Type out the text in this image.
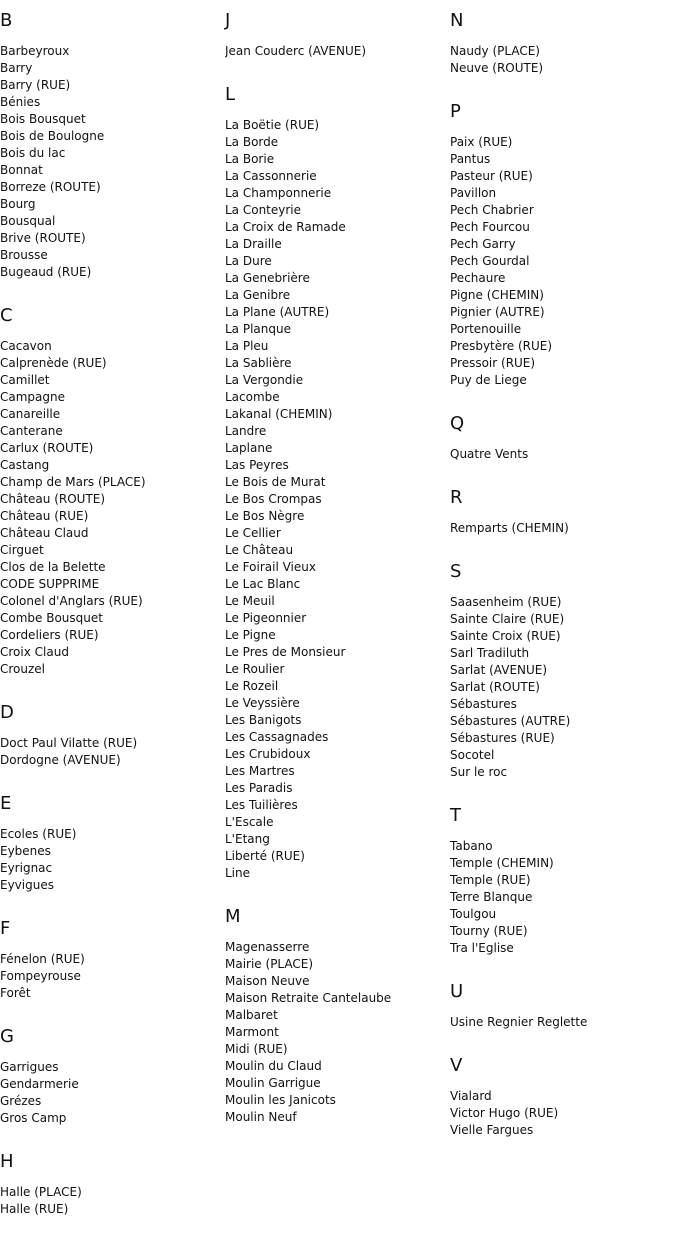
B
Barbeyroux
Barry
Barry (RUE)
Bénies
Bois Bousquet
Bois de Boulogne
Bois du lac
Bonnat
Borreze (ROUTE)
Bourg
Bousqual
Brive (ROUTE)
Brousse
Bugeaud (RUE)
C
Cacavon
Calprenède (RUE)
Camillet
Campagne
Canareille
Canterane
Carlux (ROUTE)
Castang
Champ de Mars (PLACE)
Château (ROUTE)
Château (RUE)
Château Claud
Cirguet
Clos de la Belette
CODE SUPPRIME
Colonel d'Anglars (RUE)
Combe Bousquet
Cordeliers (RUE)
Croix Claud
Crouzel
D
Doct Paul Vilatte (RUE)
Dordogne (AVENUE)
E
Ecoles (RUE)
Eybenes
Eyrignac
Eyvigues
F
Fénelon (RUE)
Fompeyrouse
Forêt
G
Garrigues
Gendarmerie
Grézes
Gros Camp
H
Halle (PLACE)
Halle (RUE)
J
Jean Couderc (AVENUE)
L
La Boëtie (RUE)
La Borde
La Borie
La Cassonnerie
La Champonnerie
La Conteyrie
La Croix de Ramade
La Draille
La Dure
La Genebrière
La Genibre
La Plane (AUTRE)
La Planque
La Pleu
La Sablière
La Vergondie
Lacombe
Lakanal (CHEMIN)
Landre
Laplane
Las Peyres
Le Bois de Murat
Le Bos Crompas
Le Bos Nègre
Le Cellier
Le Château
Le Foirail Vieux
Le Lac Blanc
Le Meuil
Le Pigeonnier
Le Pigne
Le Pres de Monsieur
Le Roulier
Le Rozeil
Le Veyssière
Les Banigots
Les Cassagnades
Les Crubidoux
Les Martres
Les Paradis
Les Tuilières
L'Escale
L'Etang
Liberté (RUE)
Line
M
Magenasserre
Mairie (PLACE)
Maison Neuve
Maison Retraite Cantelaube
Malbaret
Marmont
Midi (RUE)
Moulin du Claud
Moulin Garrigue
Moulin les Janicots
Moulin Neuf
N
Naudy (PLACE)
Neuve (ROUTE)
P
Paix (RUE)
Pantus
Pasteur (RUE)
Pavillon
Pech Chabrier
Pech Fourcou
Pech Garry
Pech Gourdal
Pechaure
Pigne (CHEMIN)
Pignier (AUTRE)
Portenouille
Presbytère (RUE)
Pressoir (RUE)
Puy de Liege
Q
Quatre Vents
R
Remparts (CHEMIN)
S
Saasenheim (RUE)
Sainte Claire (RUE)
Sainte Croix (RUE)
Sarl Tradiluth
Sarlat (AVENUE)
Sarlat (ROUTE)
Sébastures
Sébastures (AUTRE)
Sébastures (RUE)
Socotel
Sur le roc
T
Tabano
Temple (CHEMIN)
Temple (RUE)
Terre Blanque
Toulgou
Tourny (RUE)
Tra l'Eglise
U
Usine Regnier Reglette
V
Vialard
Victor Hugo (RUE)
Vielle Fargues
